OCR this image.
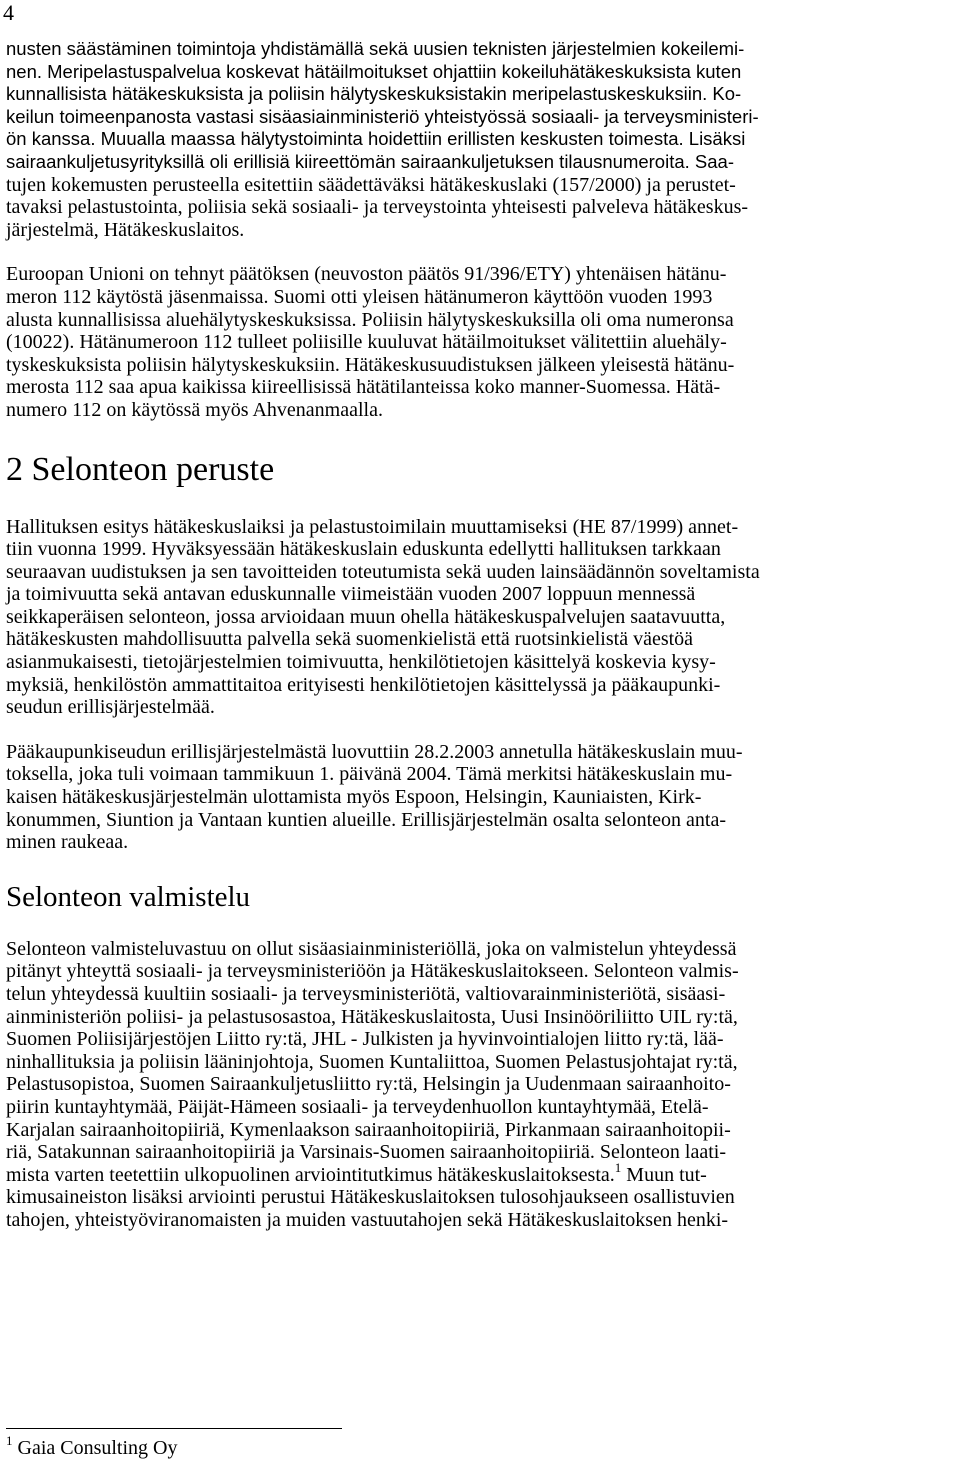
4
nusten säästäminen toimintoja yhdistämällä sekä uusien teknisten järjestelmien kokeilemi-
nen. Meripelastuspalvelua koskevat hätäilmoitukset ohjattiin kokeiluhätäkeskuksista kuten
kunnallisista hätäkeskuksista ja poliisin hälytyskeskuksistakin meripelastuskeskuksiin. Ko-
keilun toimeenpanosta vastasi sisäasiainministeriö yhteistyössä sosiaali- ja terveysministeri-
ön kanssa. Muualla maassa hälytystoiminta hoidettiin erillisten keskusten toimesta. Lisäksi
sairaankuljetusyrityksillä oli erillisiä kiireettömän sairaankuljetuksen tilausnumeroita. Saa-
tujen kokemusten perusteella esitettiin säädettäväksi hätäkeskuslaki (157/2000) ja perustet-
tavaksi pelastustointa, poliisia sekä sosiaali- ja terveystointa yhteisesti palveleva hätäkeskus-
järjestelmä, Hätäkeskuslaitos.
Euroopan Unioni on tehnyt päätöksen (neuvoston päätös 91/396/ETY) yhtenäisen hätänu-
meron 112 käytöstä jäsenmaissa. Suomi otti yleisen hätänumeron käyttöön vuoden 1993
alusta kunnallisissa aluehälytyskeskuksissa. Poliisin hälytyskeskuksilla oli oma numeronsa
(10022). Hätänumeroon 112 tulleet poliisille kuuluvat hätäilmoitukset välitettiin aluehäly-
tyskeskuksista poliisin hälytyskeskuksiin. Hätäkeskusuudistuksen jälkeen yleisestä hätänu-
merosta 112 saa apua kaikissa kiireellisissä hätätilanteissa koko manner-Suomessa. Hätä-
numero 112 on käytössä myös Ahvenanmaalla.
2 Selonteon peruste
Hallituksen esitys hätäkeskuslaiksi ja pelastustoimilain muuttamiseksi (HE 87/1999) annet-
tiin vuonna 1999. Hyväksyessään hätäkeskuslain eduskunta edellytti hallituksen tarkkaan
seuraavan uudistuksen ja sen tavoitteiden toteutumista sekä uuden lainsäädännön soveltamista
ja toimivuutta sekä antavan eduskunnalle viimeistään vuoden 2007 loppuun mennessä
seikkaperäisen selonteon, jossa arvioidaan muun ohella hätäkeskuspalvelujen saatavuutta,
hätäkeskusten mahdollisuutta palvella sekä suomenkielistä että ruotsinkielistä väestöä
asianmukaisesti, tietojärjestelmien toimivuutta, henkilötietojen käsittelyä koskevia kysy-
myksiä, henkilöstön ammattitaitoa erityisesti henkilötietojen käsittelyssä ja pääkaupunki-
seudun erillisjärjestelmää.
Pääkaupunkiseudun erillisjärjestelmästä luovuttiin 28.2.2003 annetulla hätäkeskuslain muu-
toksella, joka tuli voimaan tammikuun 1. päivänä 2004. Tämä merkitsi hätäkeskuslain mu-
kaisen hätäkeskusjärjestelmän ulottamista myös Espoon, Helsingin, Kauniaisten, Kirk-
konummen, Siuntion ja Vantaan kuntien alueille. Erillisjärjestelmän osalta selonteon anta-
minen raukeaa.
Selonteon valmistelu
Selonteon valmisteluvastuu on ollut sisäasiainministeriöllä, joka on valmistelun yhteydessä
pitänyt yhteyttä sosiaali- ja terveysministeriöön ja Hätäkeskuslaitokseen. Selonteon valmis-
telun yhteydessä kuultiin sosiaali- ja terveysministeriötä, valtiovarainministeriötä, sisäasi-
ainministeriön poliisi- ja pelastusosastoa, Hätäkeskuslaitosta, Uusi Insinööriliitto UIL ry:tä,
Suomen Poliisijärjestöjen Liitto ry:tä, JHL - Julkisten ja hyvinvointialojen liitto ry:tä, lää-
ninhallituksia ja poliisin lääninjohtoja, Suomen Kuntaliittoa, Suomen Pelastusjohtajat ry:tä,
Pelastusopistoa, Suomen Sairaankuljetusliitto ry:tä, Helsingin ja Uudenmaan sairaanhoito-
piirin kuntayhtymää, Päijät-Hämeen sosiaali- ja terveydenhuollon kuntayhtymää, Etelä-
Karjalan sairaanhoitopiiriä, Kymenlaakson sairaanhoitopiiriä, Pirkanmaan sairaanhoitopii-
riä, Satakunnan sairaanhoitopiiriä ja Varsinais-Suomen sairaanhoitopiiriä. Selonteon laati-
mista varten teetettiin ulkopuolinen arviointitutkimus hätäkeskuslaitoksesta.$^1$ Muun tut-
kimusaineiston lisäksi arviointi perustui Hätäkeskuslaitoksen tulosohjaukseen osallistuvien
tahojen, yhteistyöviranomaisten ja muiden vastuutahojen sekä Hätäkeskuslaitoksen henki-
$^1$ Gaia Consulting Oy
